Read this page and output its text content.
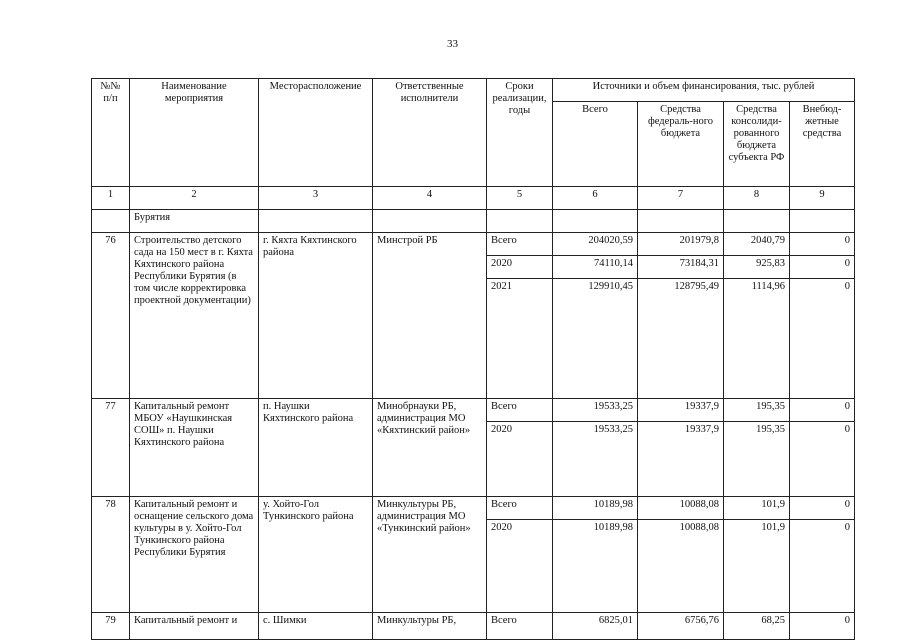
33
№№ п/п	Наименование мероприятия	Месторасположение	Ответственные исполнители	Сроки реализации, годы	Источники и объем финансирования, тыс. рублей			
					Всего	Средства федераль-ного бюджета	Средства консолиди-рованного бюджета субъекта РФ	Внебюд-жетные средства
1	2	3	4	5	6	7	8	9
	Бурятия							
76	Строительство детского сада на 150 мест в г. Кяхта Кяхтинского района Республики Бурятия (в том числе корректировка проектной документации)	г. Кяхта Кяхтинского района	Минстрой РБ	Всего	204020,59	201979,8	2040,79	0
				2020	74110,14	73184,31	925,83	0
				2021	129910,45	128795,49	1114,96	0
77	Капитальный ремонт МБОУ «Наушкинская СОШ» п. Наушки Кяхтинского района	п. Наушки Кяхтинского района	Минобрнауки РБ, администрация МО «Кяхтинский район»	Всего	19533,25	19337,9	195,35	0
				2020	19533,25	19337,9	195,35	0
78	Капитальный ремонт и оснащение сельского дома культуры в у. Хойто-Гол Тункинского района Республики Бурятия	у. Хойто-Гол Тункинского района	Минкультуры РБ, администрация МО «Тункинский район»	Всего	10189,98	10088,08	101,9	0
				2020	10189,98	10088,08	101,9	0
79	Капитальный ремонт и	с. Шимки	Минкультуры РБ,	Всего	6825,01	6756,76	68,25	0
